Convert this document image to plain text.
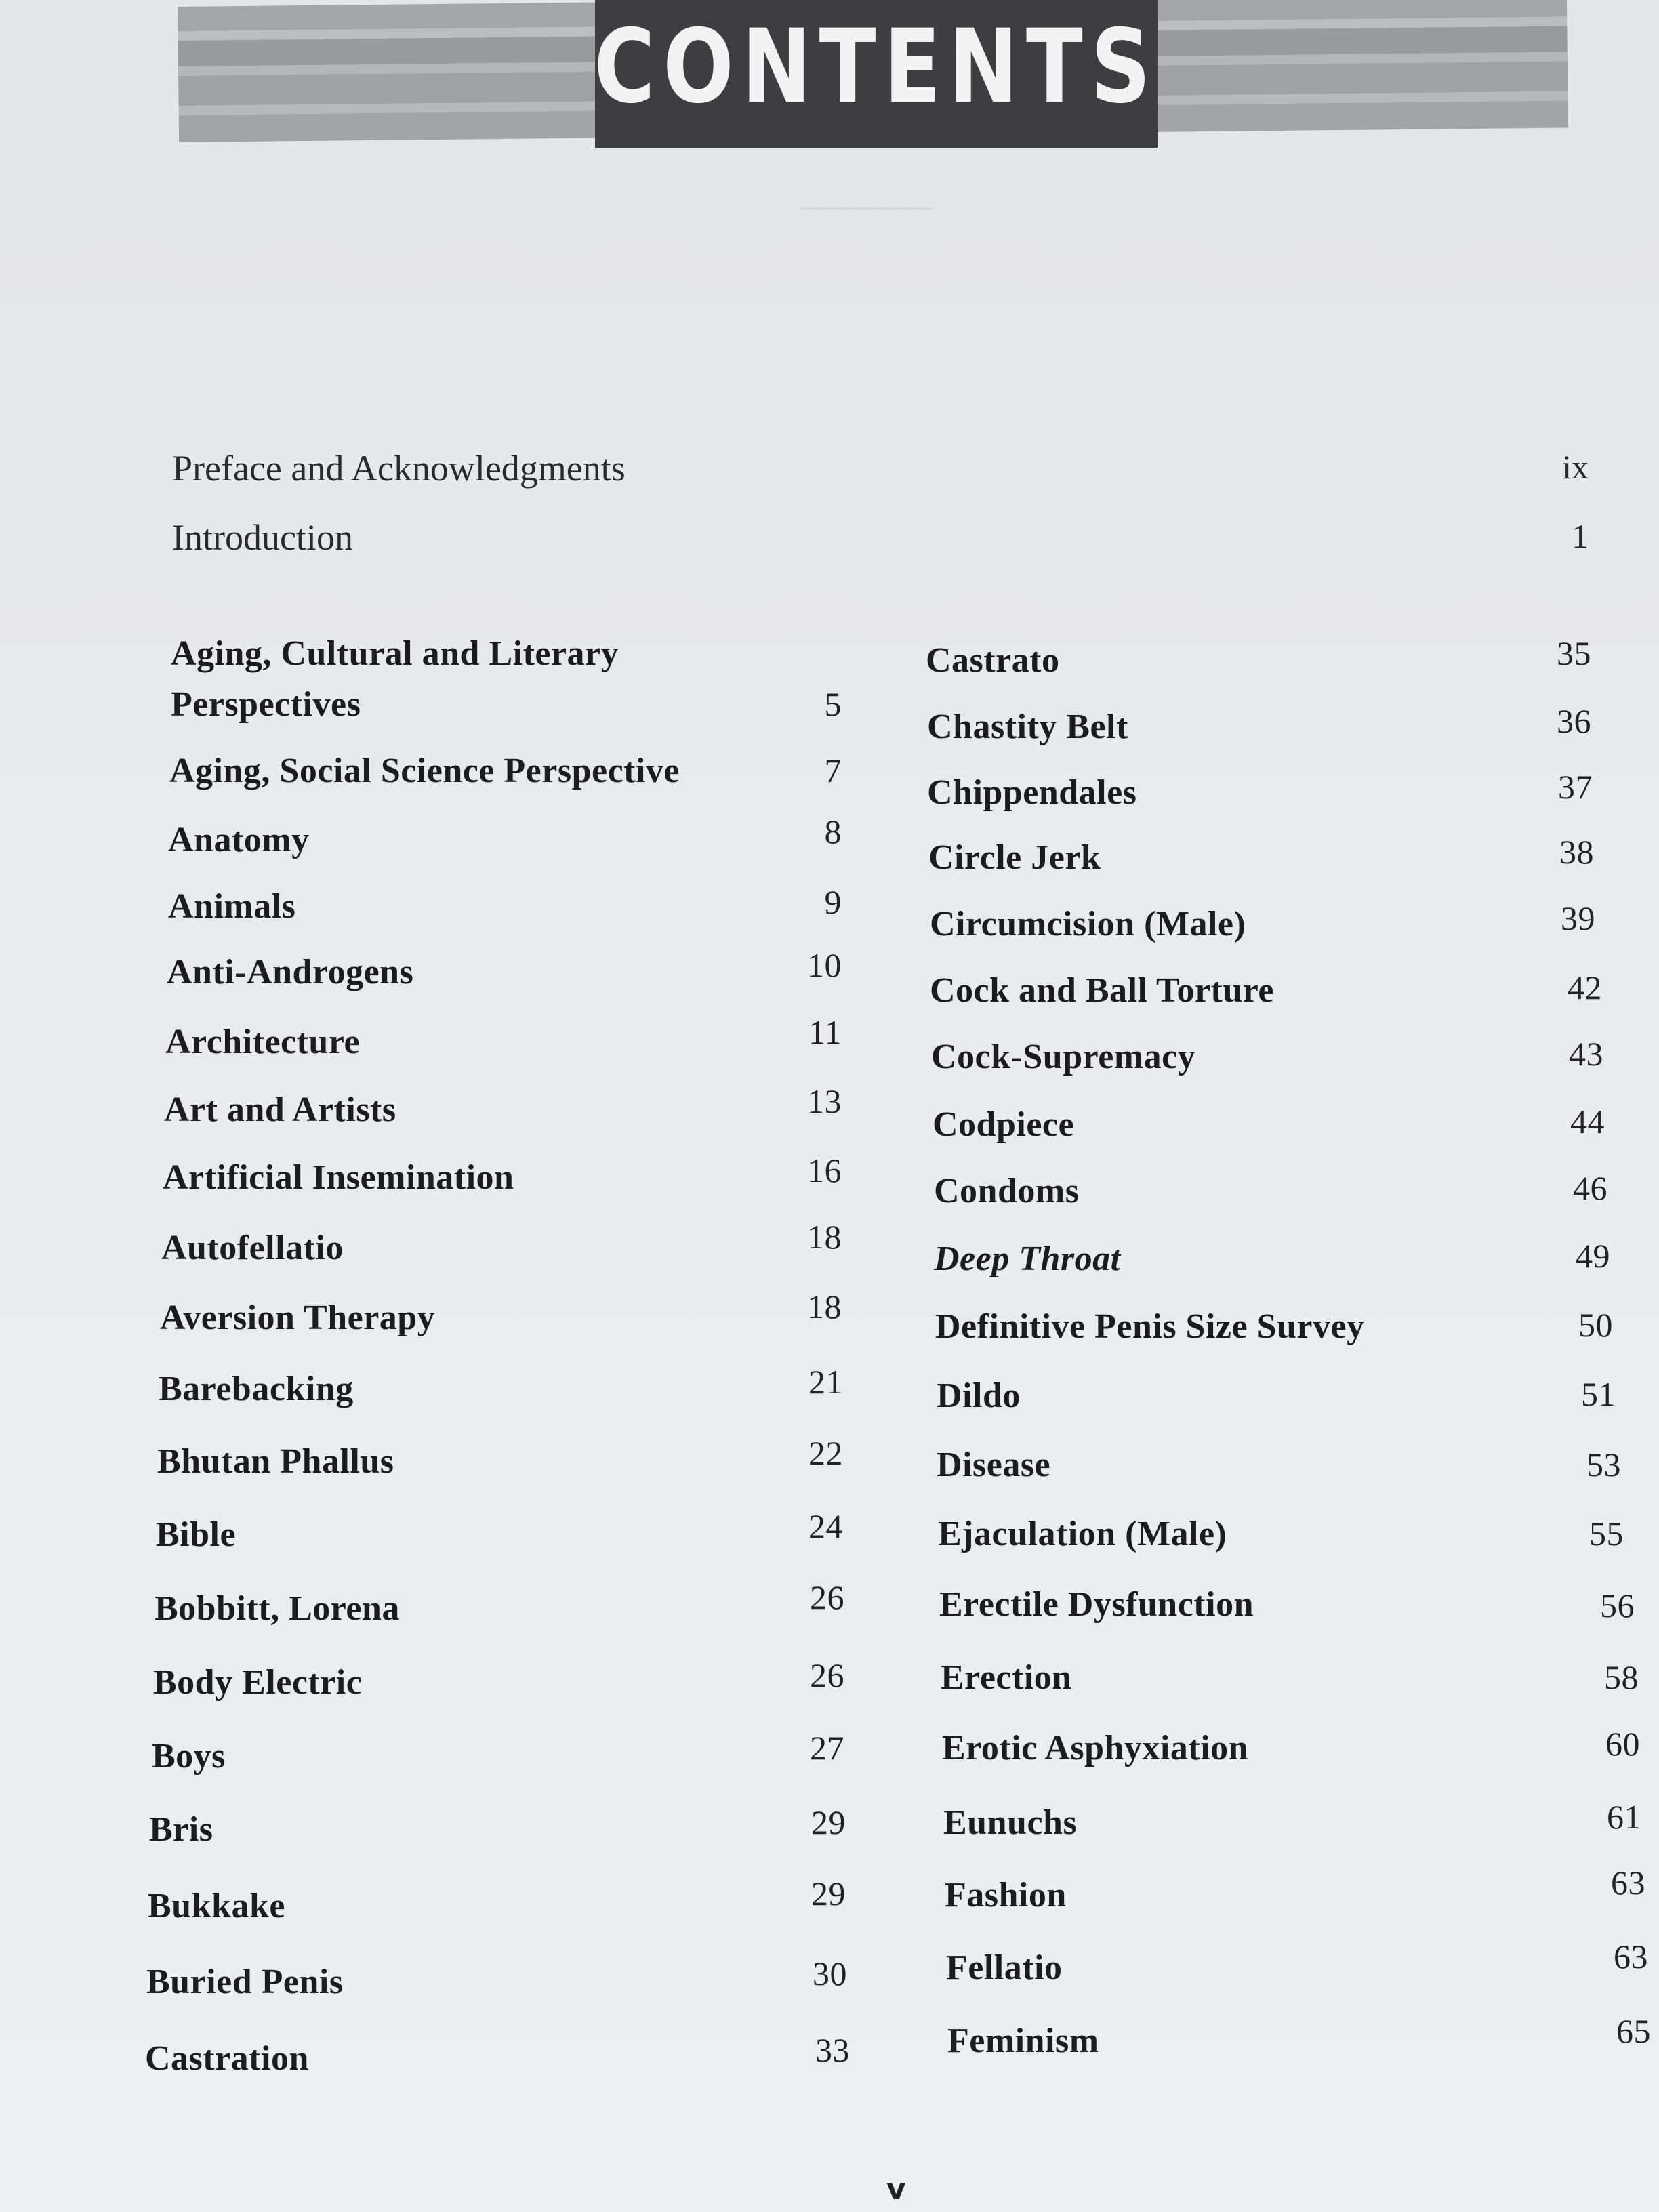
──────
CONTENTS
Preface and Acknowledgments	ix
Introduction	1
Aging, Cultural and Literary
Perspectives	5
Aging, Social Science Perspective	7
Anatomy	8
Animals	9
Anti-Androgens	10
Architecture	11
Art and Artists	13
Artificial Insemination	16
Autofellatio	18
Aversion Therapy	18
Barebacking	21
Bhutan Phallus	22
Bible	24
Bobbitt, Lorena	26
Body Electric	26
Boys	27
Bris	29
Bukkake	29
Buried Penis	30
Castration	33
Castrato	35
Chastity Belt	36
Chippendales	37
Circle Jerk	38
Circumcision (Male)	39
Cock and Ball Torture	42
Cock-Supremacy	43
Codpiece	44
Condoms	46
Deep Throat	49
Definitive Penis Size Survey	50
Dildo	51
Disease	53
Ejaculation (Male)	55
Erectile Dysfunction	56
Erection	58
Erotic Asphyxiation	60
Eunuchs	61
Fashion	63
Fellatio	63
Feminism	65
v
